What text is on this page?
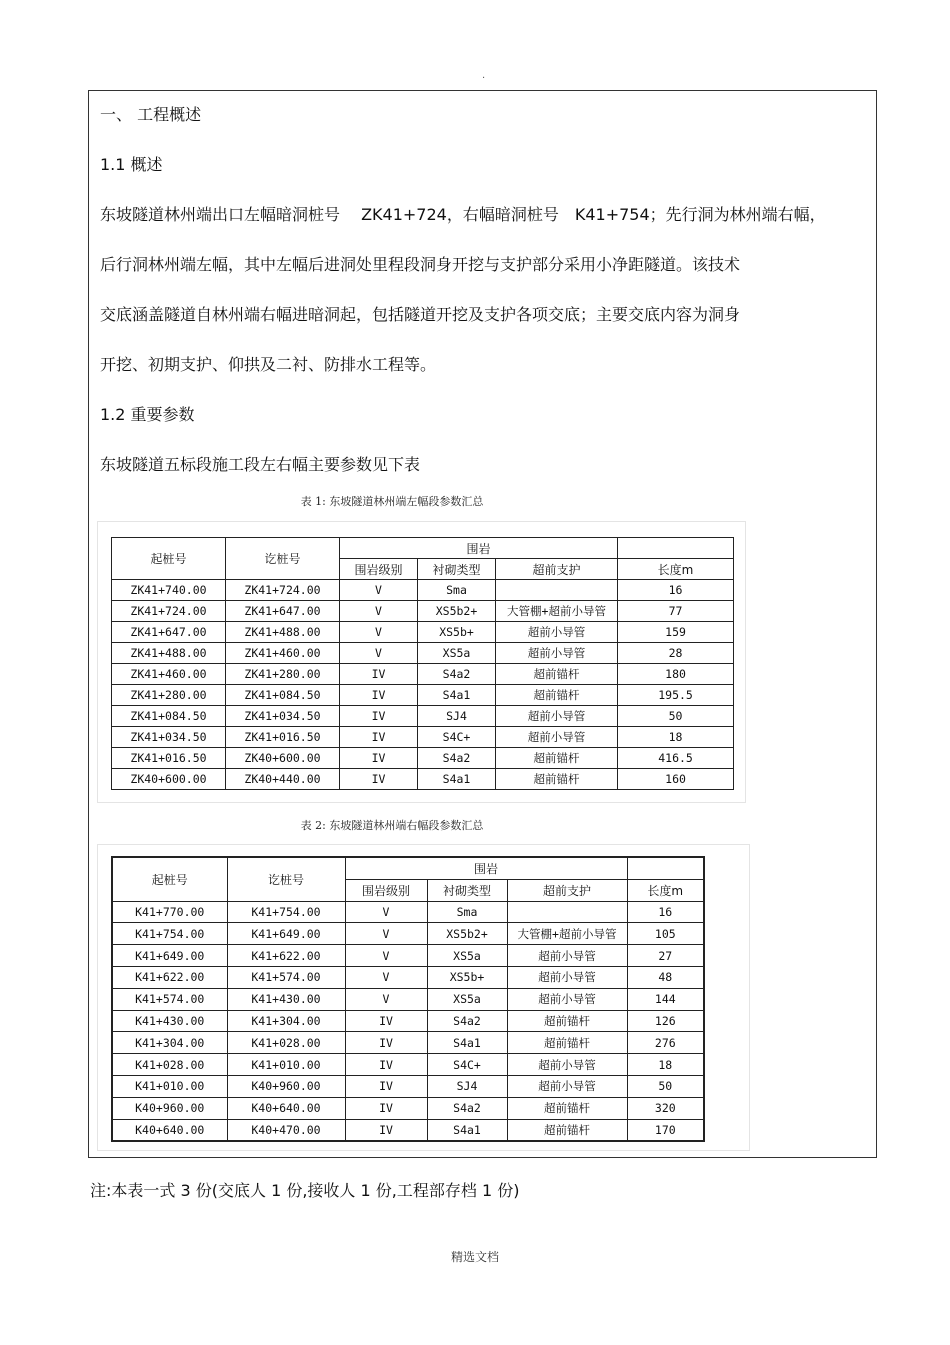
.
一、 工程概述
1.1 概述
东坡隧道林州端出口左幅暗洞桩号　 ZK41+724，右幅暗洞桩号　K41+754；先行洞为林州端右幅，
后行洞林州端左幅，其中左幅后进洞处里程段洞身开挖与支护部分采用小净距隧道。该技术
交底涵盖隧道自林州端右幅进暗洞起，包括隧道开挖及支护各项交底；主要交底内容为洞身
开挖、初期支护、仰拱及二衬、防排水工程等。
1.2 重要参数
东坡隧道五标段施工段左右幅主要参数见下表
表 1: 东坡隧道林州端左幅段参数汇总
起桩号	讫桩号	围岩			
		围岩级别	衬砌类型	超前支护	长度m
ZK41+740.00	ZK41+724.00	V	Sma		16
ZK41+724.00	ZK41+647.00	V	XS5b2+	大管棚+超前小导管	77
ZK41+647.00	ZK41+488.00	V	XS5b+	超前小导管	159
ZK41+488.00	ZK41+460.00	V	XS5a	超前小导管	28
ZK41+460.00	ZK41+280.00	IV	S4a2	超前锚杆	180
ZK41+280.00	ZK41+084.50	IV	S4a1	超前锚杆	195.5
ZK41+084.50	ZK41+034.50	IV	SJ4	超前小导管	50
ZK41+034.50	ZK41+016.50	IV	S4C+	超前小导管	18
ZK41+016.50	ZK40+600.00	IV	S4a2	超前锚杆	416.5
ZK40+600.00	ZK40+440.00	IV	S4a1	超前锚杆	160
表 2: 东坡隧道林州端右幅段参数汇总
起桩号	讫桩号	围岩			
		围岩级别	衬砌类型	超前支护	长度m
K41+770.00	K41+754.00	V	Sma		16
K41+754.00	K41+649.00	V	XS5b2+	大管棚+超前小导管	105
K41+649.00	K41+622.00	V	XS5a	超前小导管	27
K41+622.00	K41+574.00	V	XS5b+	超前小导管	48
K41+574.00	K41+430.00	V	XS5a	超前小导管	144
K41+430.00	K41+304.00	IV	S4a2	超前锚杆	126
K41+304.00	K41+028.00	IV	S4a1	超前锚杆	276
K41+028.00	K41+010.00	IV	S4C+	超前小导管	18
K41+010.00	K40+960.00	IV	SJ4	超前小导管	50
K40+960.00	K40+640.00	IV	S4a2	超前锚杆	320
K40+640.00	K40+470.00	IV	S4a1	超前锚杆	170
注:本表一式 3 份(交底人 1 份,接收人 1 份,工程部存档 1 份)
精选文档
